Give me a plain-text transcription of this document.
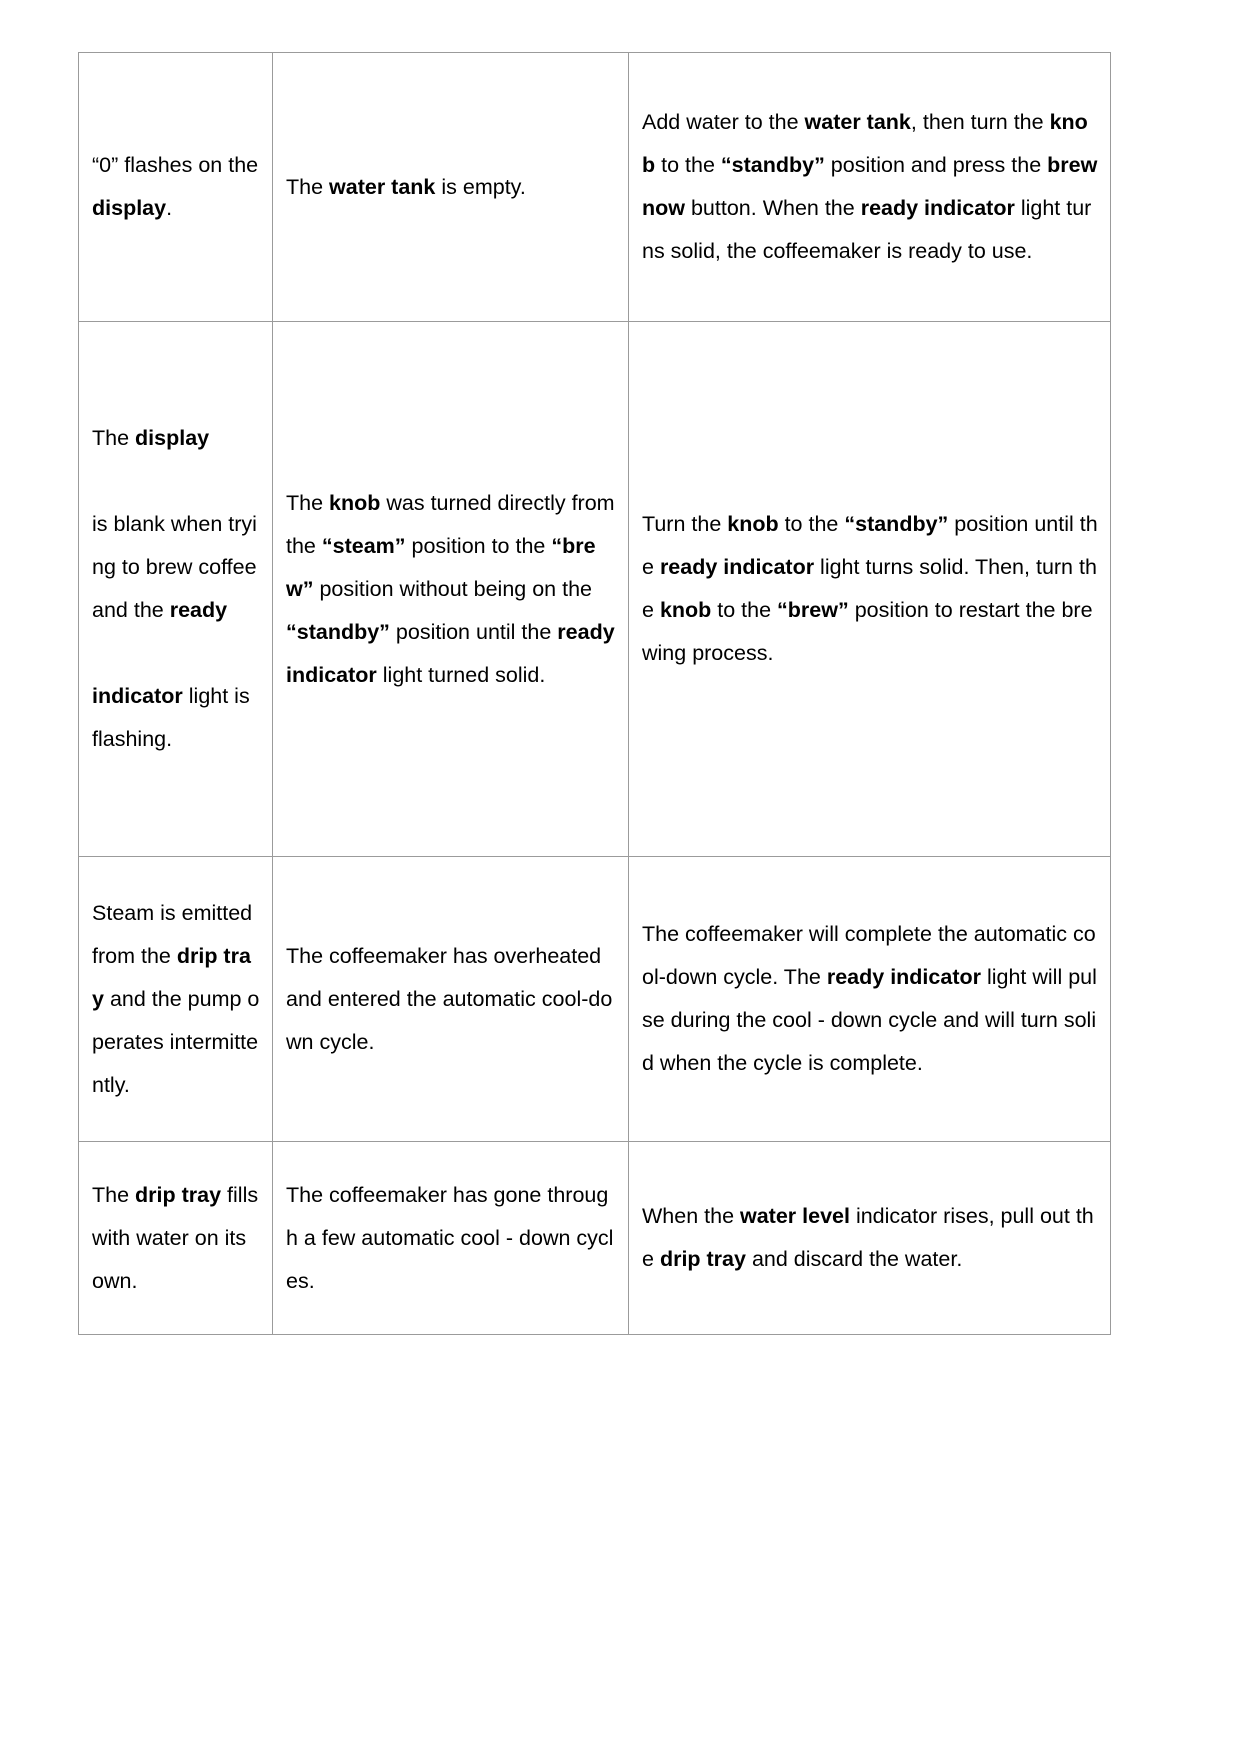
“0” flashes on the display.	The water tank is empty.	Add water to the water tank, then turn the knob to the “standby” position and press the brew now button. When the ready indicator light turns solid, the coffeemaker is ready to use.

The display
is blank when trying to brew coffee and the ready
indicator light is flashing.	The knob was turned directly from the “steam” position to the “brew” position without being on the “standby” position until the ready indicator light turned solid.	Turn the knob to the “standby” position until the ready indicator light turns solid. Then, turn the knob to the “brew” position to restart the brewing process.

Steam is emitted from the drip tray and the pump operates intermittently.	The coffeemaker has overheated and entered the automatic cool-down cycle.	The coffeemaker will complete the automatic cool-down cycle. The ready indicator light will pulse during the cool - down cycle and will turn solid when the cycle is complete.

The drip tray fills with water on its own.	The coffeemaker has gone through a few automatic cool - down cycles.	When the water level indicator rises, pull out the drip tray and discard the water.
